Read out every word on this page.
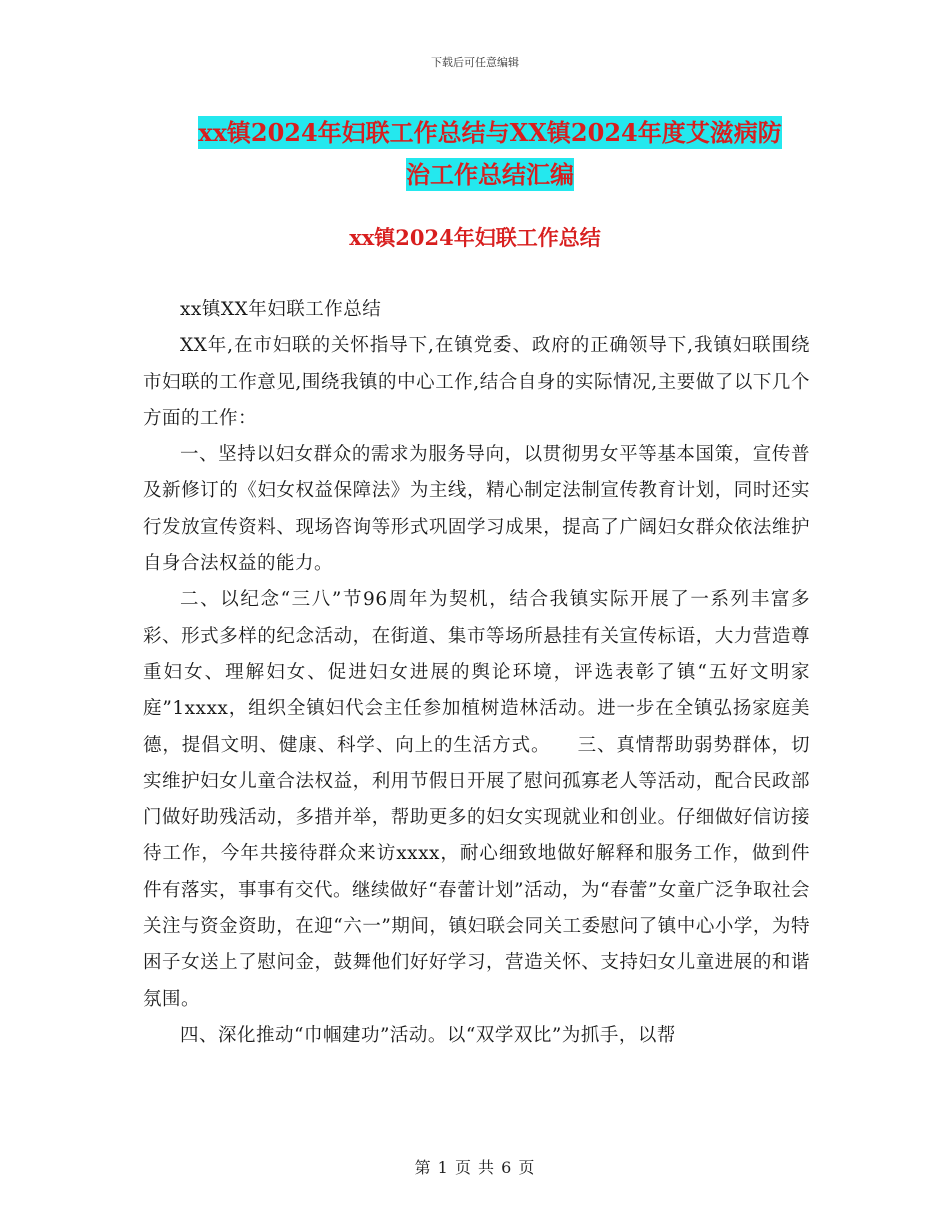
下载后可任意编辑
xx镇2024年妇联工作总结与XX镇2024年度艾滋病防
治工作总结汇编
xx镇2024年妇联工作总结

xx镇XX年妇联工作总结

XX年,在市妇联的关怀指导下,在镇党委、政府的正确领导下,我镇妇联围绕市妇联的工作意见,围绕我镇的中心工作,结合自身的实际情况,主要做了以下几个方面的工作：

一、坚持以妇女群众的需求为服务导向，以贯彻男女平等基本国策，宣传普及新修订的《妇女权益保障法》为主线，精心制定法制宣传教育计划，同时还实行发放宣传资料、现场咨询等形式巩固学习成果，提高了广阔妇女群众依法维护自身合法权益的能力。

二、以纪念“三八”节96周年为契机，结合我镇实际开展了一系列丰富多彩、形式多样的纪念活动，在街道、集市等场所悬挂有关宣传标语，大力营造尊重妇女、理解妇女、促进妇女进展的舆论环境，评选表彰了镇“五好文明家庭”1xxxx，组织全镇妇代会主任参加植树造林活动。进一步在全镇弘扬家庭美德，提倡文明、健康、科学、向上的生活方式。    三、真情帮助弱势群体，切实维护妇女儿童合法权益，利用节假日开展了慰问孤寡老人等活动，配合民政部门做好助残活动，多措并举，帮助更多的妇女实现就业和创业。仔细做好信访接待工作，今年共接待群众来访xxxx，耐心细致地做好解释和服务工作，做到件件有落实，事事有交代。继续做好“春蕾计划”活动，为“春蕾”女童广泛争取社会关注与资金资助，在迎“六一”期间，镇妇联会同关工委慰问了镇中心小学，为特困子女送上了慰问金，鼓舞他们好好学习，营造关怀、支持妇女儿童进展的和谐氛围。

四、深化推动“巾帼建功”活动。以“双学双比”为抓手，以帮

第 1 页 共 6 页
